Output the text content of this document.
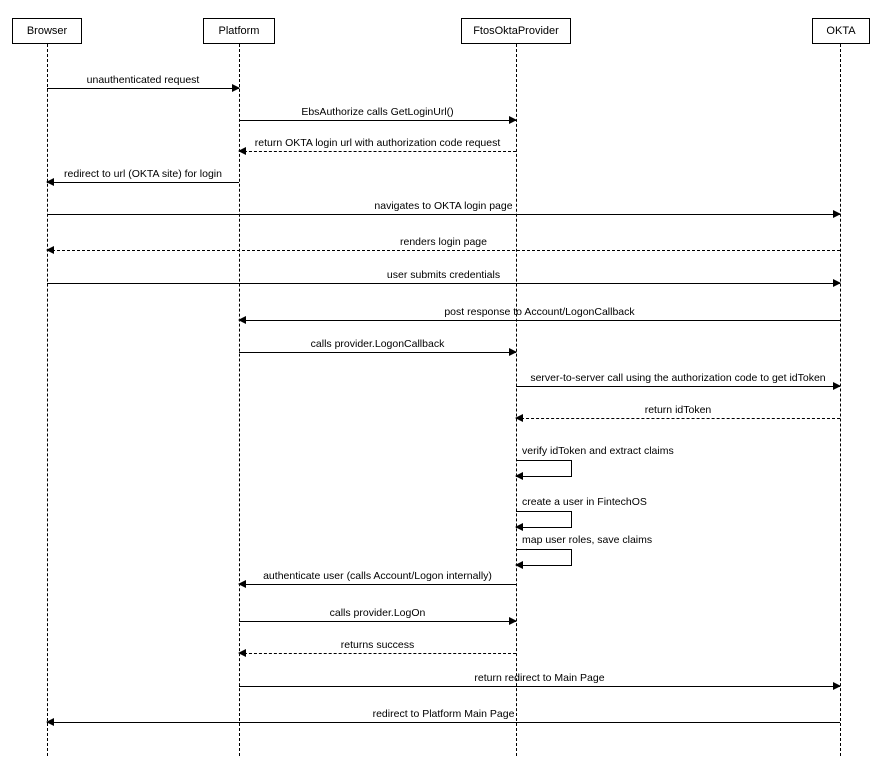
Browser	Platform	FtosOktaProvider	OKTA
unauthenticated request
EbsAuthorize calls GetLoginUrl()
return OKTA login url with authorization code request
redirect to url (OKTA site) for login
navigates to OKTA login page
renders login page
user submits credentials
post response to Account/LogonCallback
calls provider.LogonCallback
server-to-server call using the authorization code to get idToken
return idToken
verify idToken and extract claims
create a user in FintechOS
map user roles, save claims
authenticate user (calls Account/Logon internally)
calls provider.LogOn
returns success
return redirect to Main Page
redirect to Platform Main Page
